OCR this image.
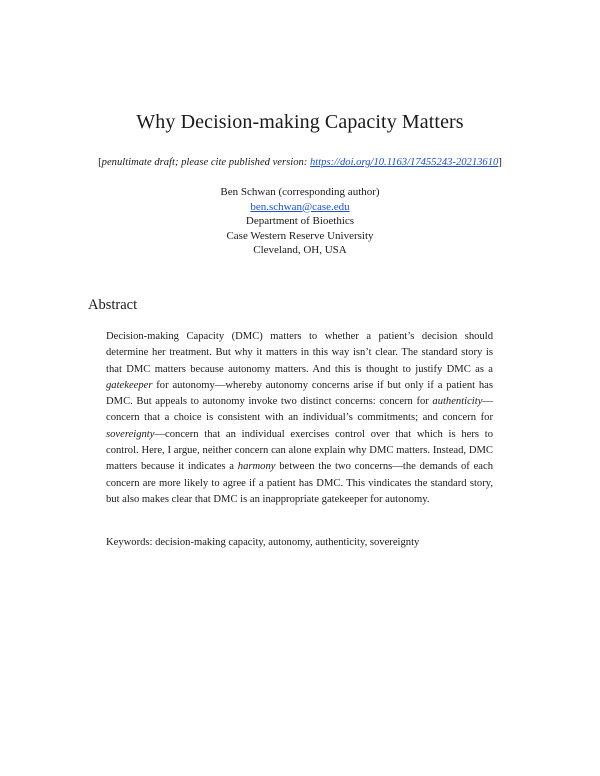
Why Decision-making Capacity Matters
[penultimate draft; please cite published version: https://doi.org/10.1163/17455243-20213610]
Ben Schwan (corresponding author)
ben.schwan@case.edu
Department of Bioethics
Case Western Reserve University
Cleveland, OH, USA
Abstract
Decision-making Capacity (DMC) matters to whether a patient’s decision should determine her treatment. But why it matters in this way isn’t clear. The standard story is that DMC matters because autonomy matters. And this is thought to justify DMC as a gatekeeper for autonomy—whereby autonomy concerns arise if but only if a patient has DMC. But appeals to autonomy invoke two distinct concerns: concern for authenticity—concern that a choice is consistent with an individual’s commitments; and concern for sovereignty—concern that an individual exercises control over that which is hers to control. Here, I argue, neither concern can alone explain why DMC matters. Instead, DMC matters because it indicates a harmony between the two concerns—the demands of each concern are more likely to agree if a patient has DMC. This vindicates the standard story, but also makes clear that DMC is an inappropriate gatekeeper for autonomy.
Keywords: decision-making capacity, autonomy, authenticity, sovereignty
